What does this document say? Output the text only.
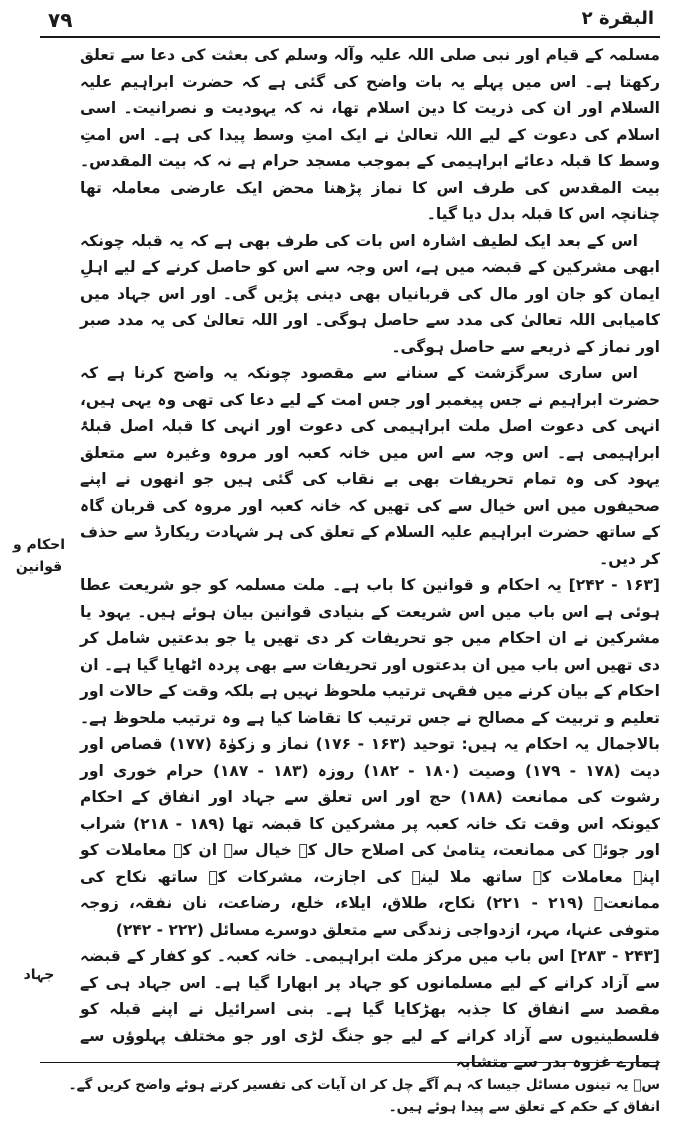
۷۹	البقرة ٢

مسلمہ کے قیام اور نبی صلی اللہ علیہ وآلہ وسلم کی بعثت کی دعا سے تعلق رکھتا ہے۔ اس میں پہلے یہ بات واضح کی گئی ہے کہ حضرت ابراہیم علیہ السلام اور ان کی ذریت کا دین اسلام تھا، نہ کہ یہودیت و نصرانیت۔ اسی اسلام کی دعوت کے لیے اللہ تعالیٰ نے ایک امتِ وسط پیدا کی ہے۔ اس امتِ وسط کا قبلہ دعائے ابراہیمی کے بموجب مسجد حرام ہے نہ کہ بیت المقدس۔ بیت المقدس کی طرف اس کا نماز پڑھنا محض ایک عارضی معاملہ تھا چنانچہ اس کا قبلہ بدل دیا گیا۔

اس کے بعد ایک لطیف اشارہ اس بات کی طرف بھی ہے کہ یہ قبلہ چونکہ ابھی مشرکین کے قبضہ میں ہے، اس وجہ سے اس کو حاصل کرنے کے لیے اہلِ ایمان کو جان اور مال کی قربانیاں بھی دینی پڑیں گی۔ اور اس جہاد میں کامیابی اللہ تعالیٰ کی مدد سے حاصل ہوگی۔ اور اللہ تعالیٰ کی یہ مدد صبر اور نماز کے ذریعے سے حاصل ہوگی۔

اس ساری سرگزشت کے سنانے سے مقصود چونکہ یہ واضح کرنا ہے کہ حضرت ابراہیم نے جس پیغمبر اور جس امت کے لیے دعا کی تھی وہ یہی ہیں، انہی کی دعوت اصل ملت ابراہیمی کی دعوت اور انہی کا قبلہ اصل قبلۂ ابراہیمی ہے۔ اس وجہ سے اس میں خانہ کعبہ اور مروہ وغیرہ سے متعلق یہود کی وہ تمام تحریفات بھی بے نقاب کی گئی ہیں جو انھوں نے اپنے صحیفوں میں اس خیال سے کی تھیں کہ خانہ کعبہ اور مروہ کی قربان گاہ کے ساتھ حضرت ابراہیم علیہ السلام کے تعلق کی ہر شہادت ریکارڈ سے حذف کر دیں۔

[۱۶۳ - ۲۴۲] یہ احکام و قوانین کا باب ہے۔ ملت مسلمہ کو جو شریعت عطا ہوئی ہے اس باب میں اس شریعت کے بنیادی قوانین بیان ہوئے ہیں۔ یہود یا مشرکین نے ان احکام میں جو تحریفات کر دی تھیں یا جو بدعتیں شامل کر دی تھیں اس باب میں ان بدعتوں اور تحریفات سے بھی پردہ اٹھایا گیا ہے۔ ان احکام کے بیان کرنے میں فقہی ترتیب ملحوظ نہیں ہے بلکہ وقت کے حالات اور تعلیم و تربیت کے مصالح نے جس ترتیب کا تقاضا کیا ہے وہ ترتیب ملحوظ ہے۔ بالاجمال یہ احکام یہ ہیں: توحید (۱۶۳ - ۱۷۶) نماز و زکوٰۃ (۱۷۷) قصاص اور دیت (۱۷۸ - ۱۷۹) وصیت (۱۸۰ - ۱۸۲) روزہ (۱۸۳ - ۱۸۷) حرام خوری اور رشوت کی ممانعت (۱۸۸) حج اور اس تعلق سے جہاد اور انفاق کے احکام کیونکہ اس وقت تک خانہ کعبہ پر مشرکین کا قبضہ تھا (۱۸۹ - ۲۱۸) شراب اور جوئے کی ممانعت، یتامیٰ کی اصلاح حال کے خیال سے ان کے معاملات کو اپنے معاملات کے ساتھ ملا لینے کی اجازت، مشرکات کے ساتھ نکاح کی ممانعتؐ (۲۱۹ - ۲۲۱) نکاح، طلاق، ایلاء، خلع، رضاعت، نان نفقہ، زوجہ متوفی عنہا، مہر، ازدواجی زندگی سے متعلق دوسرے مسائل (۲۲۲ - ۲۴۲)

[۲۴۳ - ۲۸۳] اس باب میں مرکز ملت ابراہیمی۔ خانہ کعبہ۔ کو کفار کے قبضہ سے آزاد کرانے کے لیے مسلمانوں کو جہاد پر ابھارا گیا ہے۔ اس جہاد ہی کے مقصد سے انفاق کا جذبہ بھڑکایا گیا ہے۔ بنی اسرائیل نے اپنے قبلہ کو فلسطینیوں سے آزاد کرانے کے لیے جو جنگ لڑی اور جو مختلف پہلوؤں سے ہمارے غزوہ بدر سے متشابہ

احکام و قوانین
جہاد
سؐ یہ تینوں مسائل جیسا کہ ہم آگے چل کر ان آیات کی تفسیر کرتے ہوئے واضح کریں گے۔ انفاق کے حکم کے تعلق سے پیدا ہوئے ہیں۔
